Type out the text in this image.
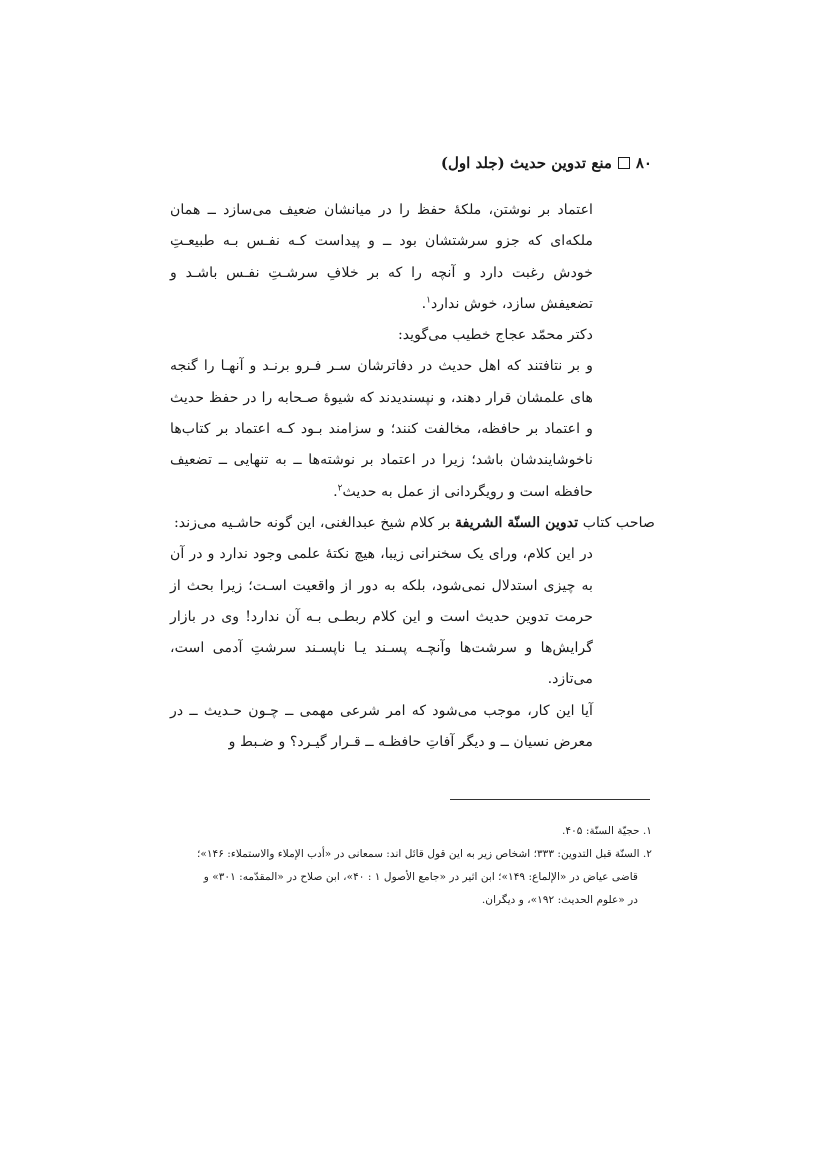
۸۰
منع تدوین حدیث (جلد اول)

اعتماد بر نوشتن، ملکهٔ حفظ را در میانشان ضعیف می‌سازد ــ همان ملکه‌ای که جزو سرشتشان بود ــ و پیداست کـه نفـس بـه طبیعـتِ خودش رغبت دارد و آنچه را که بر خلافِ سرشـتِ نفـس باشـد و تضعیفش سازد، خوش ندارد$^۱$.

دکتر محمّد عجاج خطیب می‌گوید:

و بر نتافتند که اهل حدیث در دفاترشان سـر فـرو برنـد و آنهـا را گنجه های علمشان قرار دهند، و نپسندیدند که شیوهٔ صـحابه را در حفظ حدیث و اعتماد بر حافظه، مخالفت کنند؛ و سزامند بـود کـه اعتماد بر کتاب‌ها ناخوشایندشان باشد؛ زیرا در اعتماد بر نوشته‌ها ــ به تنهایی ــ تضعیف حافظه است و رویگردانی از عمل به حدیث$^۲$.

صاحب کتاب تدوین السنّة الشریفة بر کلام شیخ عبدالغنی، این گونه حاشـیه می‌زند:

در این کلام، ورای یک سخنرانی زیبا، هیچ نکتهٔ علمی وجود ندارد و در آن به چیزی استدلال نمی‌شود، بلکه به دور از واقعیت اسـت؛ زیرا بحث از حرمت تدوین حدیث است و این کلام ربطـی بـه آن ندارد! وی در بازار گرایش‌ها و سرشت‌ها وآنچـه پسـند یـا ناپسـند سرشتِ آدمی است، می‌تازد.

آیا این کار، موجب می‌شود که امر شرعی مهمی ــ چـون حـدیث ــ در معرض نسیان ــ و دیگر آفاتِ حافظـه ــ قـرار گیـرد؟ و ضـبط و

۱. حجیّة السنّة: ۴۰۵.

۲. السنّة قبل التدوین: ۳۳۳؛ اشخاص زیر به این قول قائل اند: سمعانی در «أدب الإملاء والاستملاء: ۱۴۶»؛

قاضی عیاض در «الإلماع: ۱۴۹»؛ ابن اثیر در «جامع الأصول ۱ : ۴۰»، ابن صلاح در «المقدّمه: ۳۰۱» و

در «علوم الحدیث: ۱۹۲»، و دیگران.
